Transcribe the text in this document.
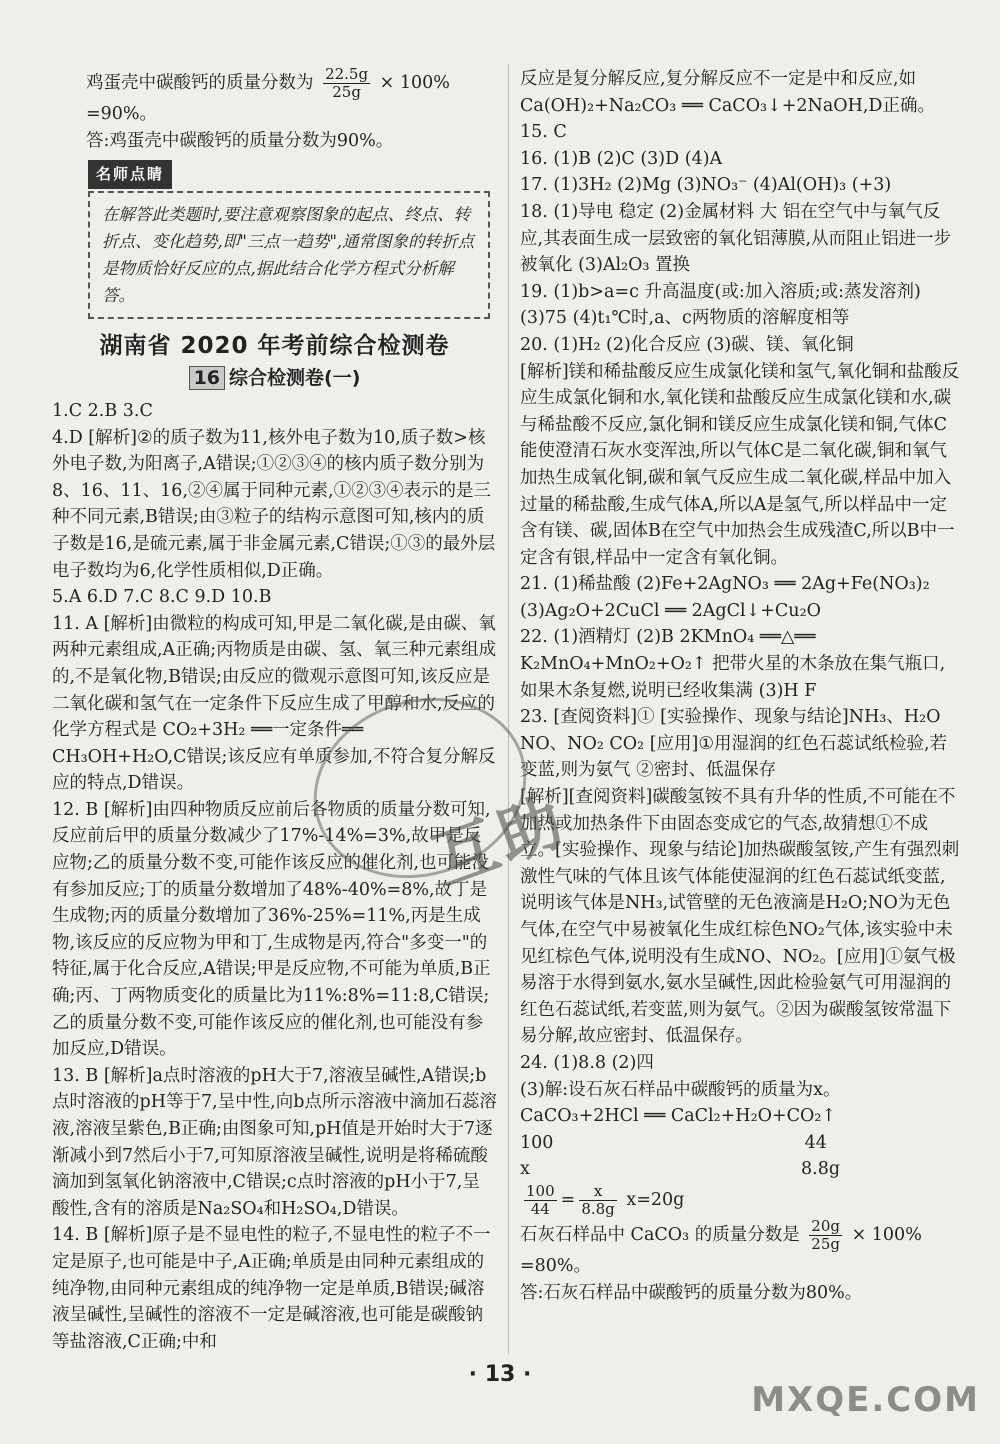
鸡蛋壳中碳酸钙的质量分数为 $\frac{22.5g}{25g} \times 100\%$

=90%。

答:鸡蛋壳中碳酸钙的质量分数为90%。

名师点睛
在解答此类题时,要注意观察图象的起点、终点、转折点、变化趋势,即"三点一趋势",通常图象的转折点是物质恰好反应的点,据此结合化学方程式分析解答。
湖南省 2020 年考前综合检测卷
16 综合检测卷(一)

1.C 2.B 3.C

4.D [解析]②的质子数为11,核外电子数为10,质子数>核外电子数,为阳离子,A错误;①②③④的核内质子数分别为8、16、11、16,②④属于同种元素,①②③④表示的是三种不同元素,B错误;由③粒子的结构示意图可知,核内的质子数是16,是硫元素,属于非金属元素,C错误;①③的最外层电子数均为6,化学性质相似,D正确。

5.A 6.D 7.C 8.C 9.D 10.B

11. A [解析]由微粒的构成可知,甲是二氧化碳,是由碳、氧两种元素组成,A正确;丙物质是由碳、氢、氧三种元素组成的,不是氧化物,B错误;由反应的微观示意图可知,该反应是二氧化碳和氢气在一定条件下反应生成了甲醇和水,反应的化学方程式是 CO₂+3H₂ ══一定条件══ CH₃OH+H₂O,C错误;该反应有单质参加,不符合复分解反应的特点,D错误。

12. B [解析]由四种物质反应前后各物质的质量分数可知,反应前后甲的质量分数减少了17%-14%=3%,故甲是反应物;乙的质量分数不变,可能作该反应的催化剂,也可能没有参加反应;丁的质量分数增加了48%-40%=8%,故丁是生成物;丙的质量分数增加了36%-25%=11%,丙是生成物,该反应的反应物为甲和丁,生成物是丙,符合"多变一"的特征,属于化合反应,A错误;甲是反应物,不可能为单质,B正确;丙、丁两物质变化的质量比为11%:8%=11:8,C错误;乙的质量分数不变,可能作该反应的催化剂,也可能没有参加反应,D错误。

13. B [解析]a点时溶液的pH大于7,溶液呈碱性,A错误;b点时溶液的pH等于7,呈中性,向b点所示溶液中滴加石蕊溶液,溶液呈紫色,B正确;由图象可知,pH值是开始时大于7逐渐减小到7然后小于7,可知原溶液呈碱性,说明是将稀硫酸滴加到氢氧化钠溶液中,C错误;c点时溶液的pH小于7,呈酸性,含有的溶质是Na₂SO₄和H₂SO₄,D错误。

14. B [解析]原子是不显电性的粒子,不显电性的粒子不一定是原子,也可能是中子,A正确;单质是由同种元素组成的纯净物,由同种元素组成的纯净物一定是单质,B错误;碱溶液呈碱性,呈碱性的溶液不一定是碱溶液,也可能是碳酸钠等盐溶液,C正确;中和

反应是复分解反应,复分解反应不一定是中和反应,如 Ca(OH)₂+Na₂CO₃ ══ CaCO₃↓+2NaOH,D正确。

15. C

16. (1)B (2)C (3)D (4)A

17. (1)3H₂ (2)Mg (3)NO₃⁻ (4)Al(OH)₃ (+3)

18. (1)导电 稳定 (2)金属材料 大 铝在空气中与氧气反应,其表面生成一层致密的氧化铝薄膜,从而阻止铝进一步被氧化 (3)Al₂O₃ 置换

19. (1)b>a=c 升高温度(或:加入溶质;或:蒸发溶剂) (3)75 (4)t₁℃时,a、c两物质的溶解度相等

20. (1)H₂ (2)化合反应 (3)碳、镁、氧化铜

[解析]镁和稀盐酸反应生成氯化镁和氢气,氧化铜和盐酸反应生成氯化铜和水,氧化镁和盐酸反应生成氯化镁和水,碳与稀盐酸不反应,氯化铜和镁反应生成氯化镁和铜,气体C能使澄清石灰水变浑浊,所以气体C是二氧化碳,铜和氧气加热生成氧化铜,碳和氧气反应生成二氧化碳,样品中加入过量的稀盐酸,生成气体A,所以A是氢气,所以样品中一定含有镁、碳,固体B在空气中加热会生成残渣C,所以B中一定含有银,样品中一定含有氧化铜。

21. (1)稀盐酸 (2)Fe+2AgNO₃ ══ 2Ag+Fe(NO₃)₂

(3)Ag₂O+2CuCl ══ 2AgCl↓+Cu₂O

22. (1)酒精灯 (2)B 2KMnO₄ ══△══ K₂MnO₄+MnO₂+O₂↑ 把带火星的木条放在集气瓶口,如果木条复燃,说明已经收集满 (3)H F

23. [查阅资料]① [实验操作、现象与结论]NH₃、H₂O NO、NO₂ CO₂ [应用]①用湿润的红色石蕊试纸检验,若变蓝,则为氨气 ②密封、低温保存

[解析][查阅资料]碳酸氢铵不具有升华的性质,不可能在不加热或加热条件下由固态变成它的气态,故猜想①不成立。[实验操作、现象与结论]加热碳酸氢铵,产生有强烈刺激性气味的气体且该气体能使湿润的红色石蕊试纸变蓝,说明该气体是NH₃,试管壁的无色液滴是H₂O;NO为无色气体,在空气中易被氧化生成红棕色NO₂气体,该实验中未见红棕色气体,说明没有生成NO、NO₂。[应用]①氨气极易溶于水得到氨水,氨水呈碱性,因此检验氨气可用湿润的红色石蕊试纸,若变蓝,则为氨气。②因为碳酸氢铵常温下易分解,故应密封、低温保存。

24. (1)8.8 (2)四

(3)解:设石灰石样品中碳酸钙的质量为x。

CaCO₃+2HCl ══ CaCl₂+H₂O+CO₂↑

100	44

x	8.8g

$\frac{100}{44} = \frac{x}{8.8g} x=20g$

石灰石样品中 CaCO₃ 的质量分数是 $\frac{20g}{25g} \times 100\%$

=80%。

答:石灰石样品中碳酸钙的质量分数为80%。

互助
· 13 ·
MXQE.COM
